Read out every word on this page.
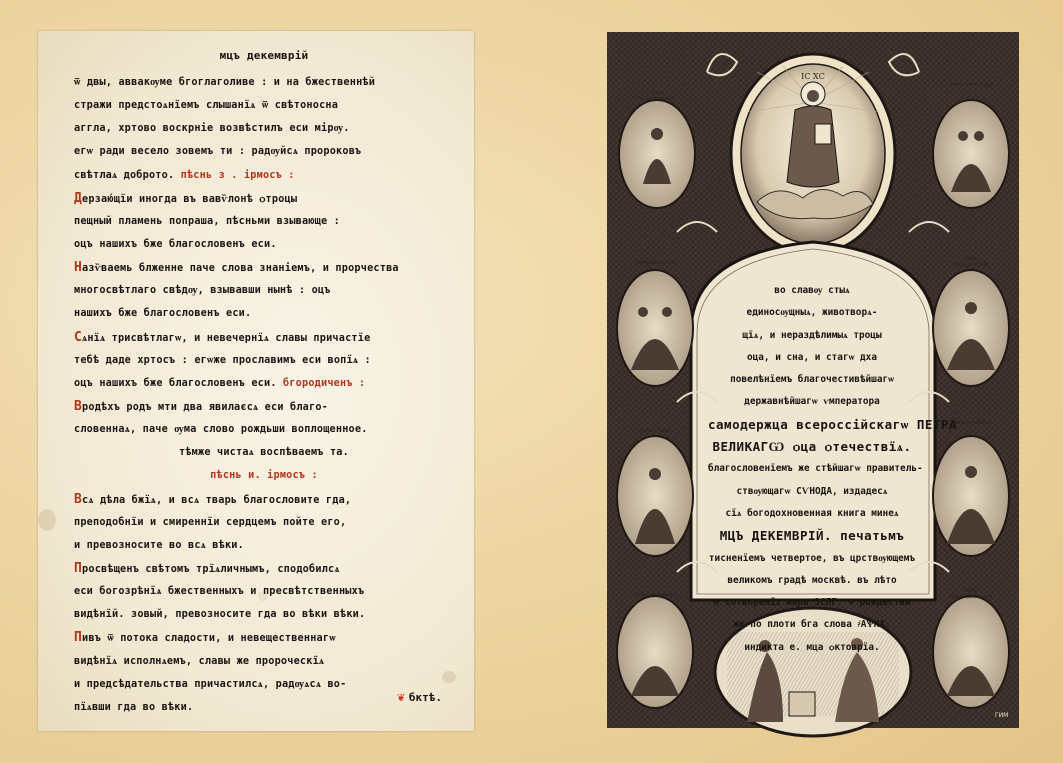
мцъ декемврій
ѿ двы, аввакѹме бгоглаголиве : и на бжественнѣй
стражи предстоѧнїемъ слышанїѧ ѿ свѣтоносна
аггла, хртово воскрніе возвѣстилъ еси мірѹ.
егѡ ради весело зовемъ ти : радѹйсѧ пророковъ
свѣтлаѧ доброто. пѣснь з . ірмосъ :
Дерзаю́щїи иногда въ вавѷлонѣ ѻтроцы
пещный пламень попраша, пѣсньми взывающе :
оцъ нашихъ бже благословенъ еси.
Назѷваемь блженне паче слова знаніемъ, и прорчества
многосвѣтлаго свѣдѹ, взывавши нынѣ : оцъ
нашихъ бже благословенъ еси.
Сѧнїѧ трисвѣтлагѡ, и невечернїѧ славы причастїе
тебѣ даде хртосъ : егѡже прославимъ еси вопїѧ :
оцъ нашихъ бже благословенъ еси. бгородиченъ :
Вродѣхъ родъ мти два явилаєсѧ еси благо-
словеннаѧ, паче ѹма слово рождьши воплощенное.
тѣмже чистаѧ воспѣваемъ та.
пѣснь и. ірмосъ :
Всѧ дѣла бжїѧ, и всѧ тварь благословите гда,
преподобнїи и смиреннїи сердцемъ пойте его,
и превозносите во всѧ вѣки.
Просвѣщенъ свѣтомъ трїѧличнымъ, сподобилсѧ
еси богозрѣнїѧ бжественныхъ и пресвѣтственныхъ
видѣнїй. зовый, превозносите гда во вѣки вѣки.
Пивъ ѿ потока сладости, и невещественнагѡ
видѣнїѧ исполнѧемъ, славы же пророческїѧ
и предсѣдательства причастилсѧ, радѹѧсѧ во-
пїѧвши гда во вѣки.
❦ бктѣ.
ІС ХС
ликъ апостолскій
ликъ аггелскій
ликъ апостол
ликъ пророческій
ликъ стлей
ликъ мчнковъ
ликъ мченицъ
ликъ преподобныхъ
во славѹ стыѧ
единосѹщныѧ, животворѧ-
щїѧ, и нераздѣлимыѧ троцы
оца, и сна, и стагѡ дха
повелѣнїемъ благочестивѣйшагѡ
державнѣйшагѡ ѵмператора
самодержца всероссійскагѡ ПЕТРА
ВЕЛИКАГѠ ѻца ѻтечествїѧ.
благословенїемъ же стѣйшагѡ правитель-
ствѹющагѡ СѴНОДА, издадесѧ
сїѧ богодохновенная книга минеѧ
МЦЪ ДЕКЕМВРІЙ. печатьмъ
тисненїемъ четвертое, въ црствѹющемъ
великомъ градѣ москвѣ. въ лѣто
ѿ сотворенїѧ мира ЗСЛГ. ѿ рождества
же по плоти бга слова ҂АѰКА.
индикта е. мца ѻктоврїа.
ГИМ
